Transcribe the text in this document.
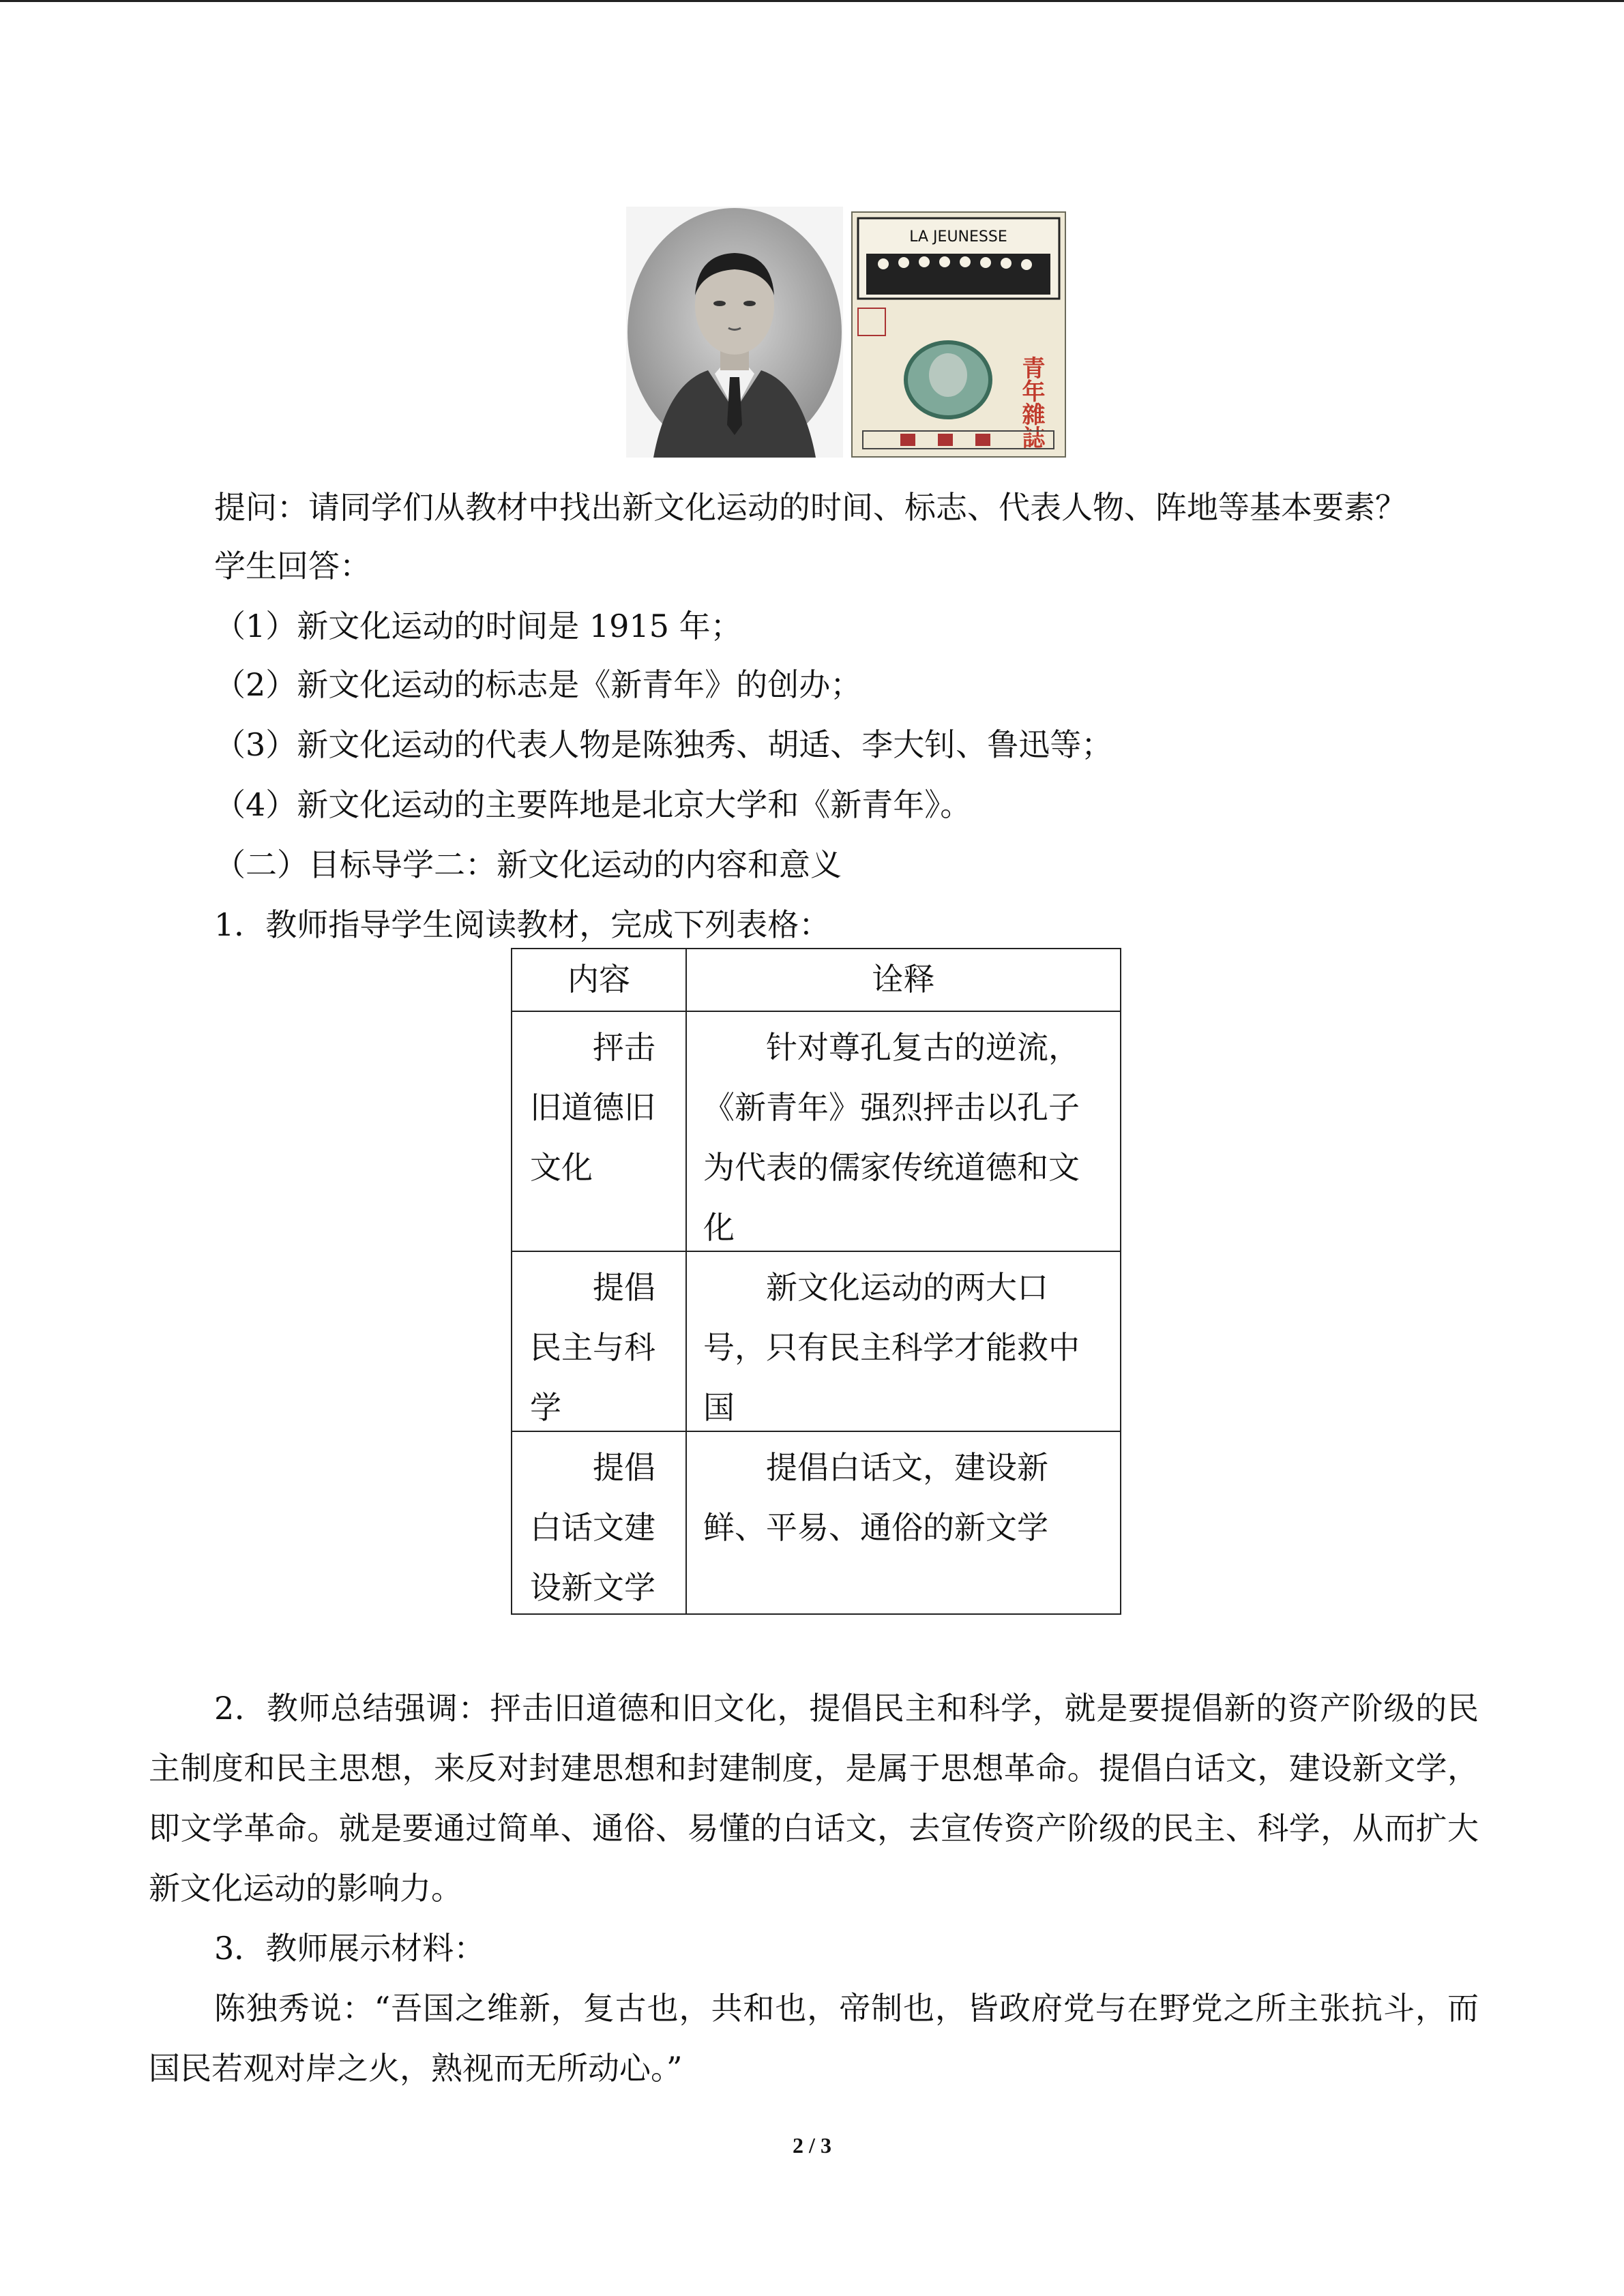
LA JEUNESSE
青年雜誌
提问：请同学们从教材中找出新文化运动的时间、标志、代表人物、阵地等基本要素？
学生回答：
（1）新文化运动的时间是 1915 年；
（2）新文化运动的标志是《新青年》的创办；
（3）新文化运动的代表人物是陈独秀、胡适、李大钊、鲁迅等；
（4）新文化运动的主要阵地是北京大学和《新青年》。
（二）目标导学二：新文化运动的内容和意义
1．教师指导学生阅读教材，完成下列表格：
内容	诠释
抨击旧道德旧文化
针对尊孔复古的逆流，《新青年》强烈抨击以孔子为代表的儒家传统道德和文化
提倡民主与科学
新文化运动的两大口号，只有民主科学才能救中国
提倡白话文建设新文学
提倡白话文，建设新鲜、平易、通俗的新文学
2．教师总结强调：抨击旧道德和旧文化，提倡民主和科学，就是要提倡新的资产阶级的民主制度和民主思想，来反对封建思想和封建制度，是属于思想革命。提倡白话文，建设新文学，即文学革命。就是要通过简单、通俗、易懂的白话文，去宣传资产阶级的民主、科学，从而扩大新文化运动的影响力。
3．教师展示材料：
陈独秀说：“吾国之维新，复古也，共和也，帝制也，皆政府党与在野党之所主张抗斗，而国民若观对岸之火，熟视而无所动心。”
2 / 3
